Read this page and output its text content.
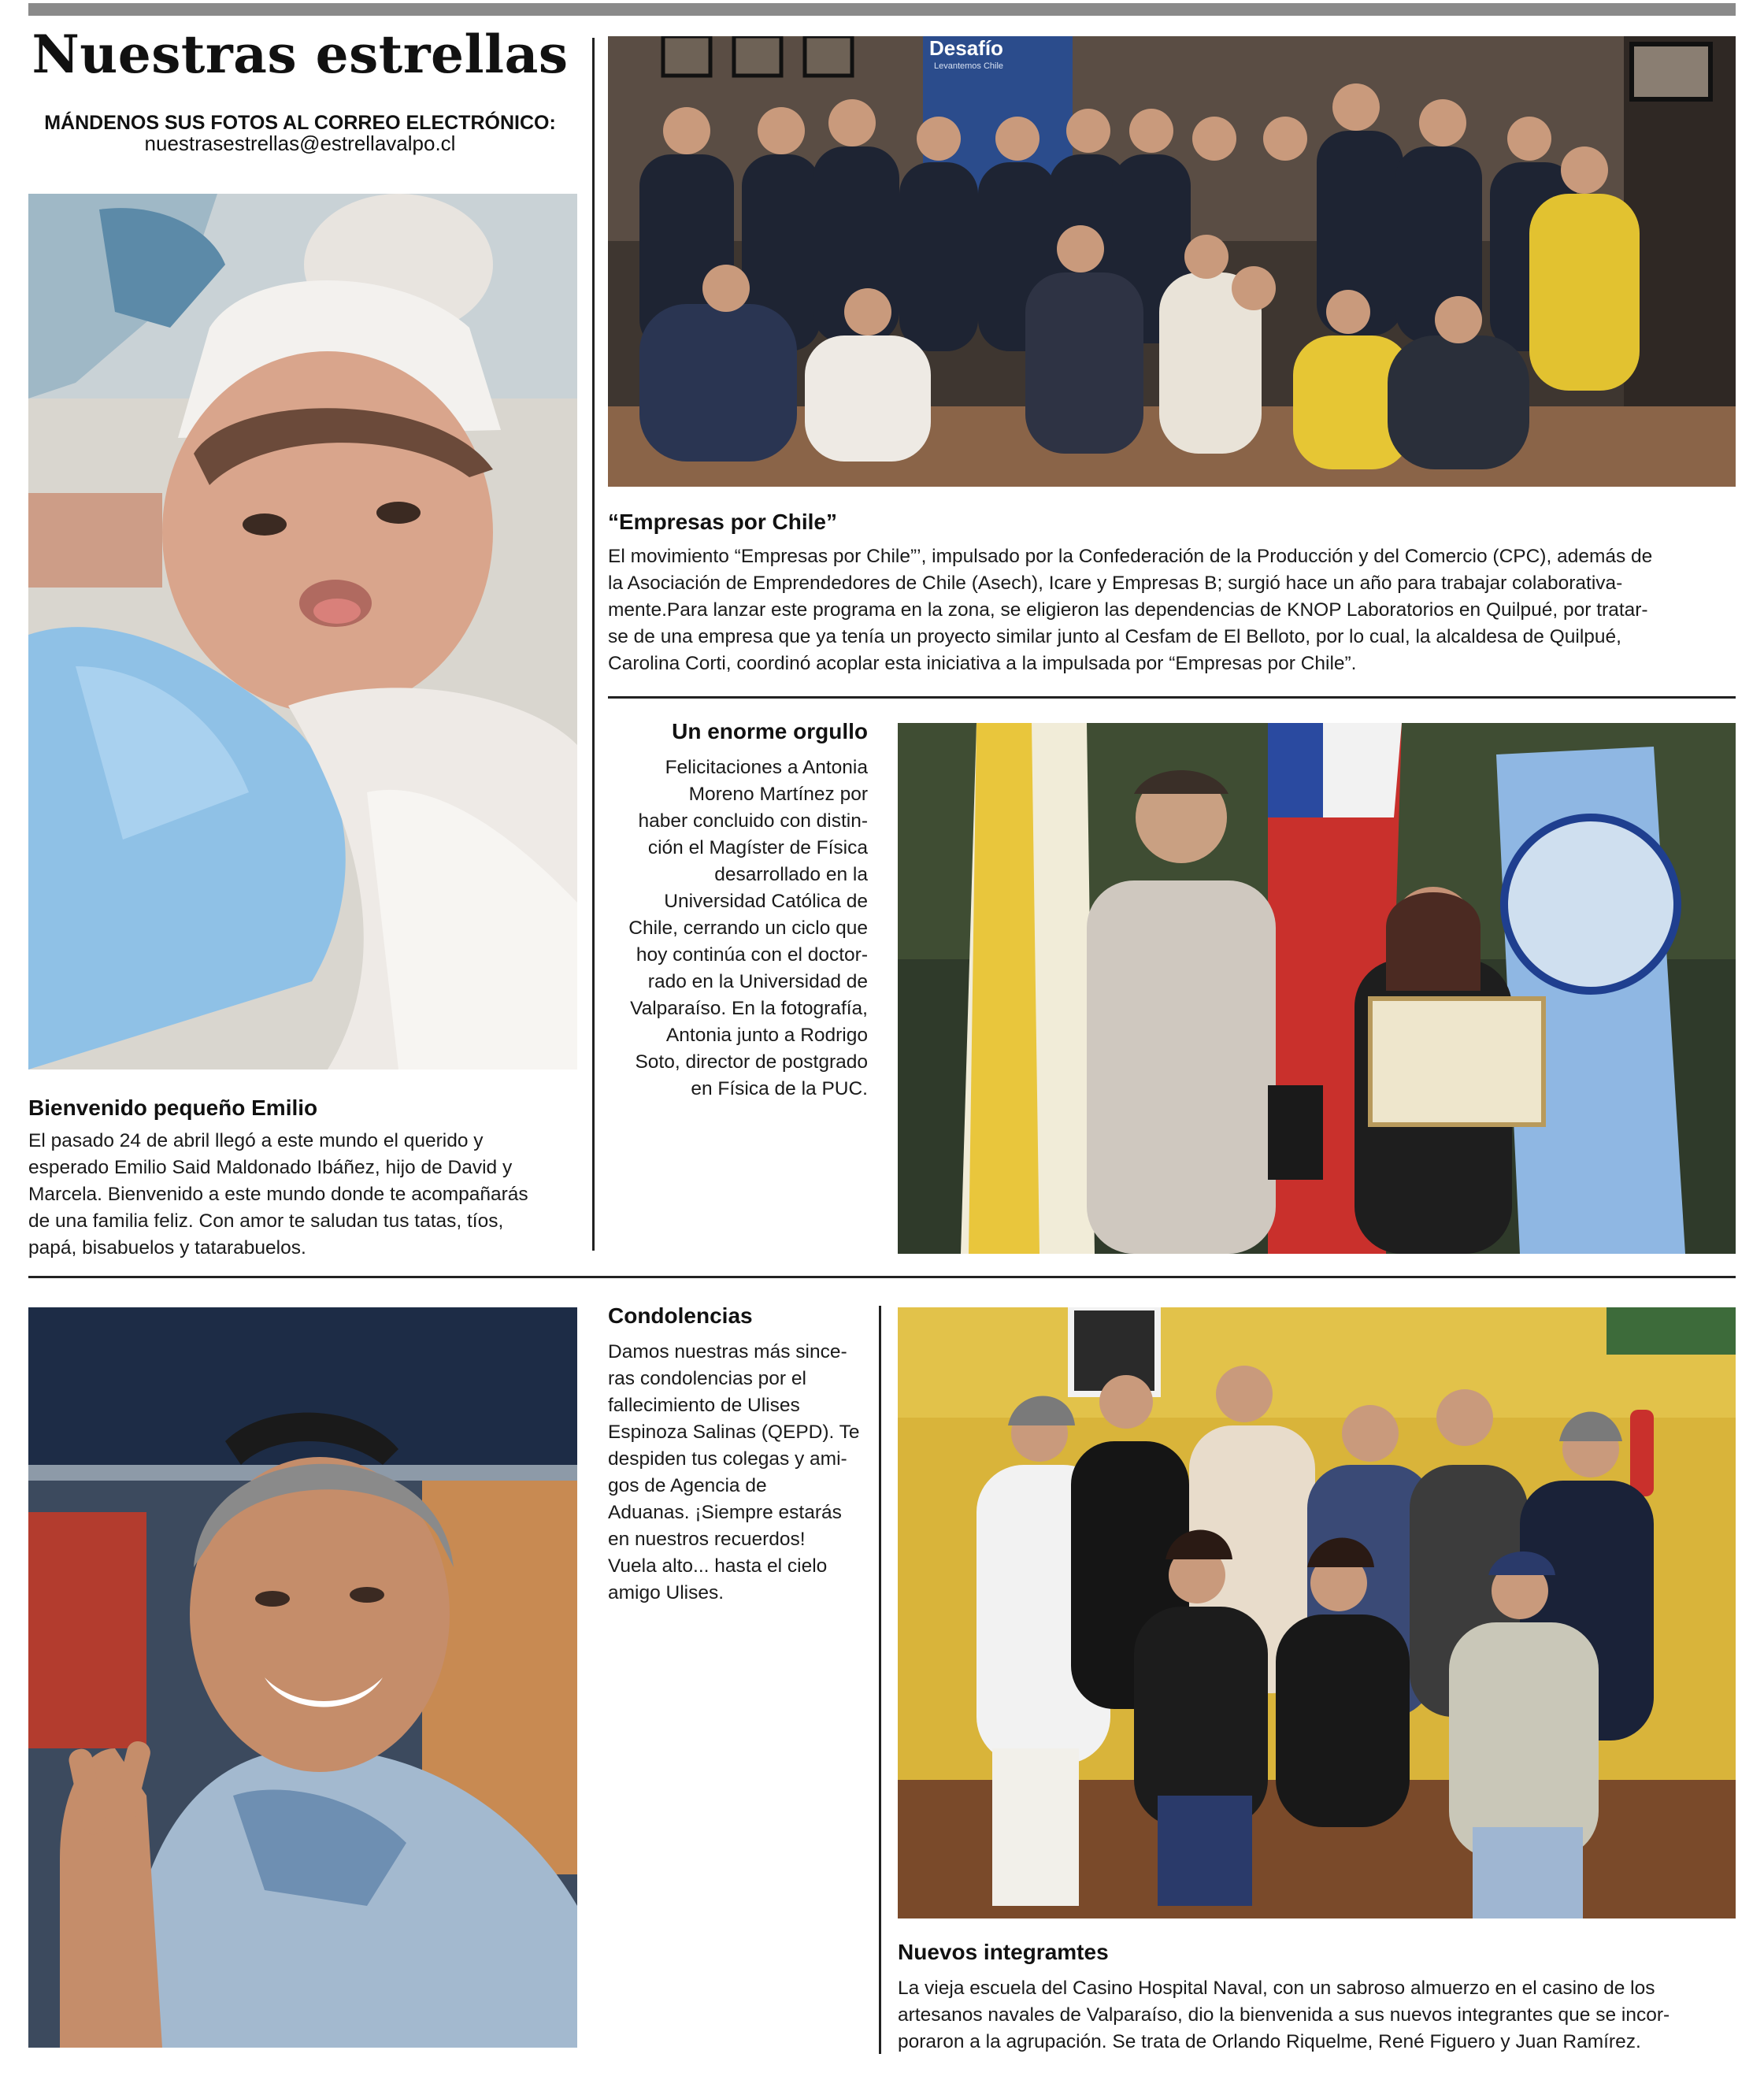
Nuestras estrellas
MÁNDENOS SUS FOTOS AL CORREO ELECTRÓNICO:
nuestrasestrellas@estrellavalpo.cl
Bienvenido pequeño Emilio
El pasado 24 de abril llegó a este mundo el querido y
esperado Emilio Said Maldonado Ibáñez, hijo de David y
Marcela. Bienvenido a este mundo donde te acompañarás
de una familia feliz. Con amor te saludan tus tatas, tíos,
papá, bisabuelos y tatarabuelos.
Desafío
Levantemos Chile
“Empresas por Chile”
El movimiento “Empresas por Chile”’, impulsado por la Confederación de la Producción y del Comercio (CPC), además de
la Asociación de Emprendedores de Chile (Asech), Icare y Empresas B; surgió hace un año para trabajar colaborativa-
mente.Para lanzar este programa en la zona, se eligieron las dependencias de KNOP Laboratorios en Quilpué, por tratar-
se de una empresa que ya tenía un proyecto similar junto al Cesfam de El Belloto, por lo cual, la alcaldesa de Quilpué,
Carolina Corti, coordinó acoplar esta iniciativa a la impulsada por “Empresas por Chile”.
Un enorme orgullo
Felicitaciones a Antonia
Moreno Martínez por
haber concluido con distin-
ción el Magíster de Física
desarrollado en la
Universidad Católica de
Chile, cerrando un ciclo que
hoy continúa con el doctor-
rado en la Universidad de
Valparaíso. En la fotografía,
Antonia junto a Rodrigo
Soto, director de postgrado
en Física de la PUC.
Condolencias
Damos nuestras más since-
ras condolencias por el
fallecimiento de Ulises
Espinoza Salinas (QEPD). Te
despiden tus colegas y ami-
gos de Agencia de
Aduanas. ¡Siempre estarás
en nuestros recuerdos!
Vuela alto... hasta el cielo
amigo Ulises.
Nuevos integramtes
La vieja escuela del Casino Hospital Naval, con un sabroso almuerzo en el casino de los
artesanos navales de Valparaíso, dio la bienvenida a sus nuevos integrantes que se incor-
poraron a la agrupación. Se trata de Orlando Riquelme, René Figuero y Juan Ramírez.
